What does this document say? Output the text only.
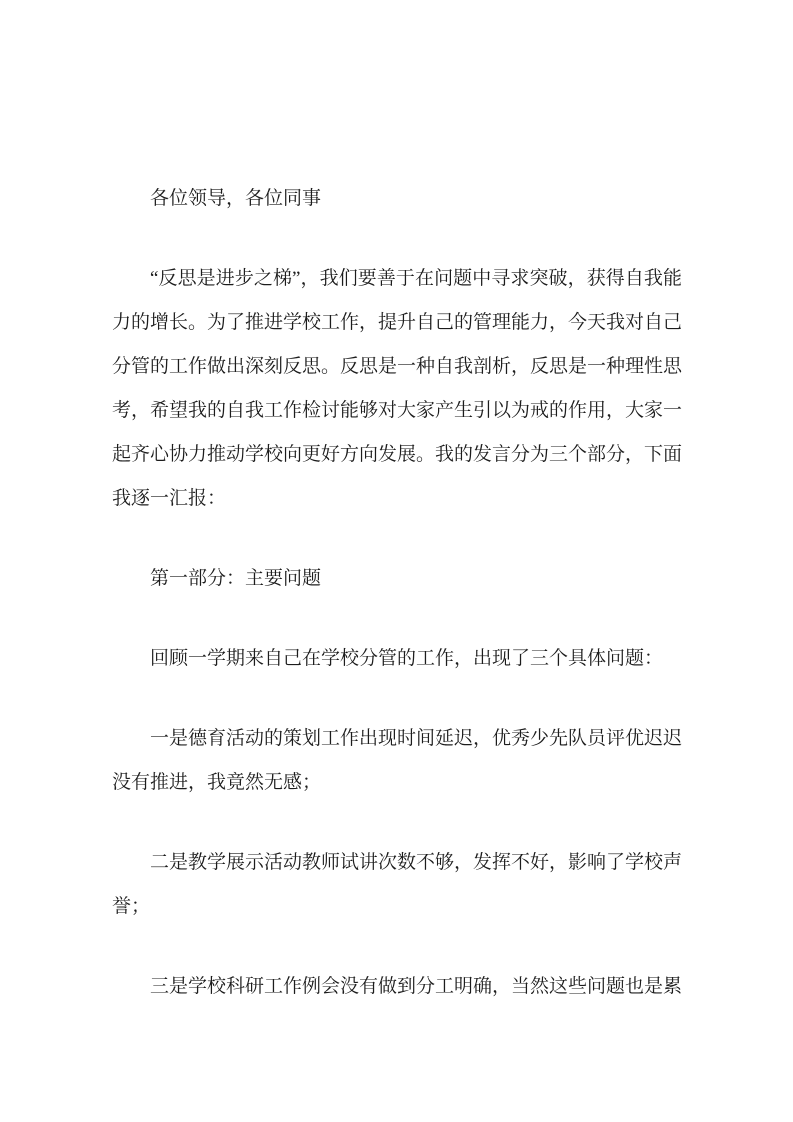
各位领导，各位同事

“反思是进步之梯”，我们要善于在问题中寻求突破，获得自我能力的增长。为了推进学校工作，提升自己的管理能力，今天我对自己分管的工作做出深刻反思。反思是一种自我剖析，反思是一种理性思考，希望我的自我工作检讨能够对大家产生引以为戒的作用，大家一起齐心协力推动学校向更好方向发展。我的发言分为三个部分，下面我逐一汇报：

第一部分：主要问题

回顾一学期来自己在学校分管的工作，出现了三个具体问题：

一是德育活动的策划工作出现时间延迟，优秀少先队员评优迟迟没有推进，我竟然无感；

二是教学展示活动教师试讲次数不够，发挥不好，影响了学校声誉；

三是学校科研工作例会没有做到分工明确，当然这些问题也是累
